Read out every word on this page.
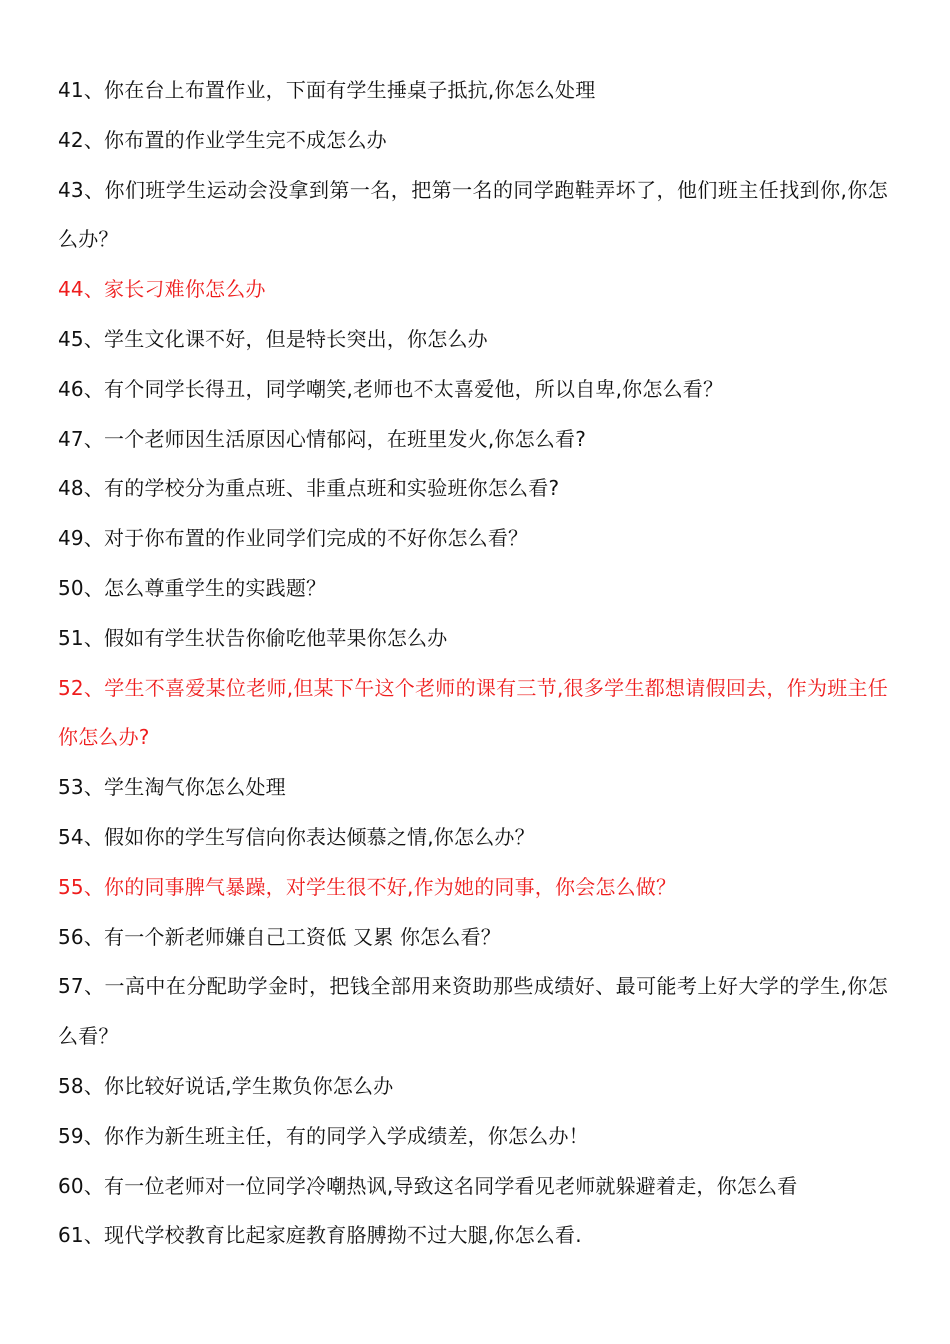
41、你在台上布置作业，下面有学生捶桌子抵抗,你怎么处理

42、你布置的作业学生完不成怎么办

43、你们班学生运动会没拿到第一名，把第一名的同学跑鞋弄坏了，他们班主任找到你,你怎么办？

44、家长刁难你怎么办

45、学生文化课不好，但是特长突出，你怎么办

46、有个同学长得丑，同学嘲笑,老师也不太喜爱他，所以自卑,你怎么看？

47、一个老师因生活原因心情郁闷，在班里发火,你怎么看?

48、有的学校分为重点班、非重点班和实验班你怎么看?

49、对于你布置的作业同学们完成的不好你怎么看？

50、怎么尊重学生的实践题？

51、假如有学生状告你偷吃他苹果你怎么办

52、学生不喜爱某位老师,但某下午这个老师的课有三节,很多学生都想请假回去，作为班主任你怎么办?

53、学生淘气你怎么处理

54、假如你的学生写信向你表达倾慕之情,你怎么办？

55、你的同事脾气暴躁，对学生很不好,作为她的同事，你会怎么做？

56、有一个新老师嫌自己工资低 又累 你怎么看？

57、一高中在分配助学金时，把钱全部用来资助那些成绩好、最可能考上好大学的学生,你怎么看？

58、你比较好说话,学生欺负你怎么办

59、你作为新生班主任，有的同学入学成绩差，你怎么办！

60、有一位老师对一位同学冷嘲热讽,导致这名同学看见老师就躲避着走，你怎么看

61、现代学校教育比起家庭教育胳膊拗不过大腿,你怎么看.
